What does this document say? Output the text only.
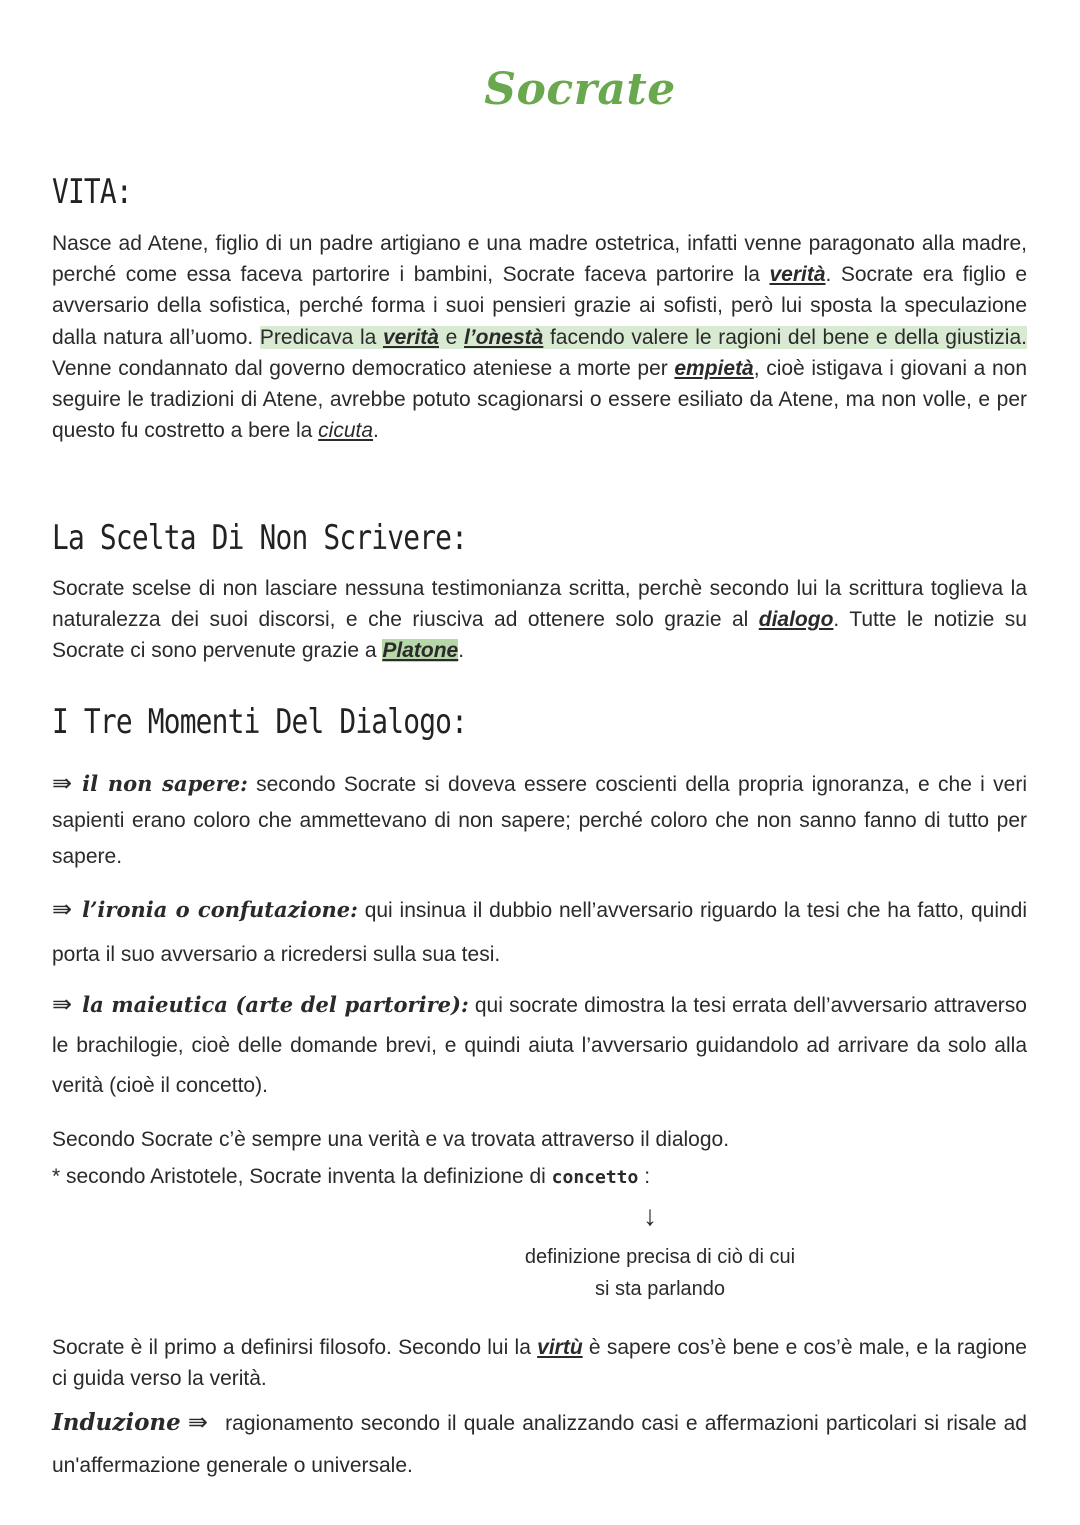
Socrate
VITA:
Nasce ad Atene, figlio di un padre artigiano e una madre ostetrica, infatti venne paragonato alla madre, perché come essa faceva partorire i bambini, Socrate faceva partorire la verità. Socrate era figlio e avversario della sofistica, perché forma i suoi pensieri grazie ai sofisti, però lui sposta la speculazione dalla natura all’uomo. Predicava la verità e l’onestà facendo valere le ragioni del bene e della giustizia. Venne condannato dal governo democratico ateniese a morte per empietà, cioè istigava i giovani a non seguire le tradizioni di Atene, avrebbe potuto scagionarsi o essere esiliato da Atene, ma non volle, e per questo fu costretto a bere la cicuta.
La Scelta Di Non Scrivere:
Socrate scelse di non lasciare nessuna testimonianza scritta, perchè secondo lui la scrittura toglieva la naturalezza dei suoi discorsi, e che riusciva ad ottenere solo grazie al dialogo. Tutte le notizie su Socrate ci sono pervenute grazie a Platone.
I Tre Momenti Del Dialogo:
⇛ il non sapere: secondo Socrate si doveva essere coscienti della propria ignoranza, e che i veri sapienti erano coloro che ammettevano di non sapere; perché coloro che non sanno fanno di tutto per sapere.
⇛ l’ironia o confutazione: qui insinua il dubbio nell’avversario riguardo la tesi che ha fatto, quindi porta il suo avversario a ricredersi sulla sua tesi.
⇛ la maieutica (arte del partorire): qui socrate dimostra la tesi errata dell’avversario attraverso le brachilogie, cioè delle domande brevi, e quindi aiuta l’avversario guidandolo ad arrivare da solo alla verità (cioè il concetto).
Secondo Socrate c’è sempre una verità e va trovata attraverso il dialogo.
* secondo Aristotele, Socrate inventa la definizione di concetto :
↓
definizione precisa di ciò di cui
si sta parlando
Socrate è il primo a definirsi filosofo. Secondo lui la virtù è sapere cos’è bene e cos’è male, e la ragione ci guida verso la verità.
Induzione ⇛ ragionamento secondo il quale analizzando casi e affermazioni particolari si risale ad un'affermazione generale o universale.
